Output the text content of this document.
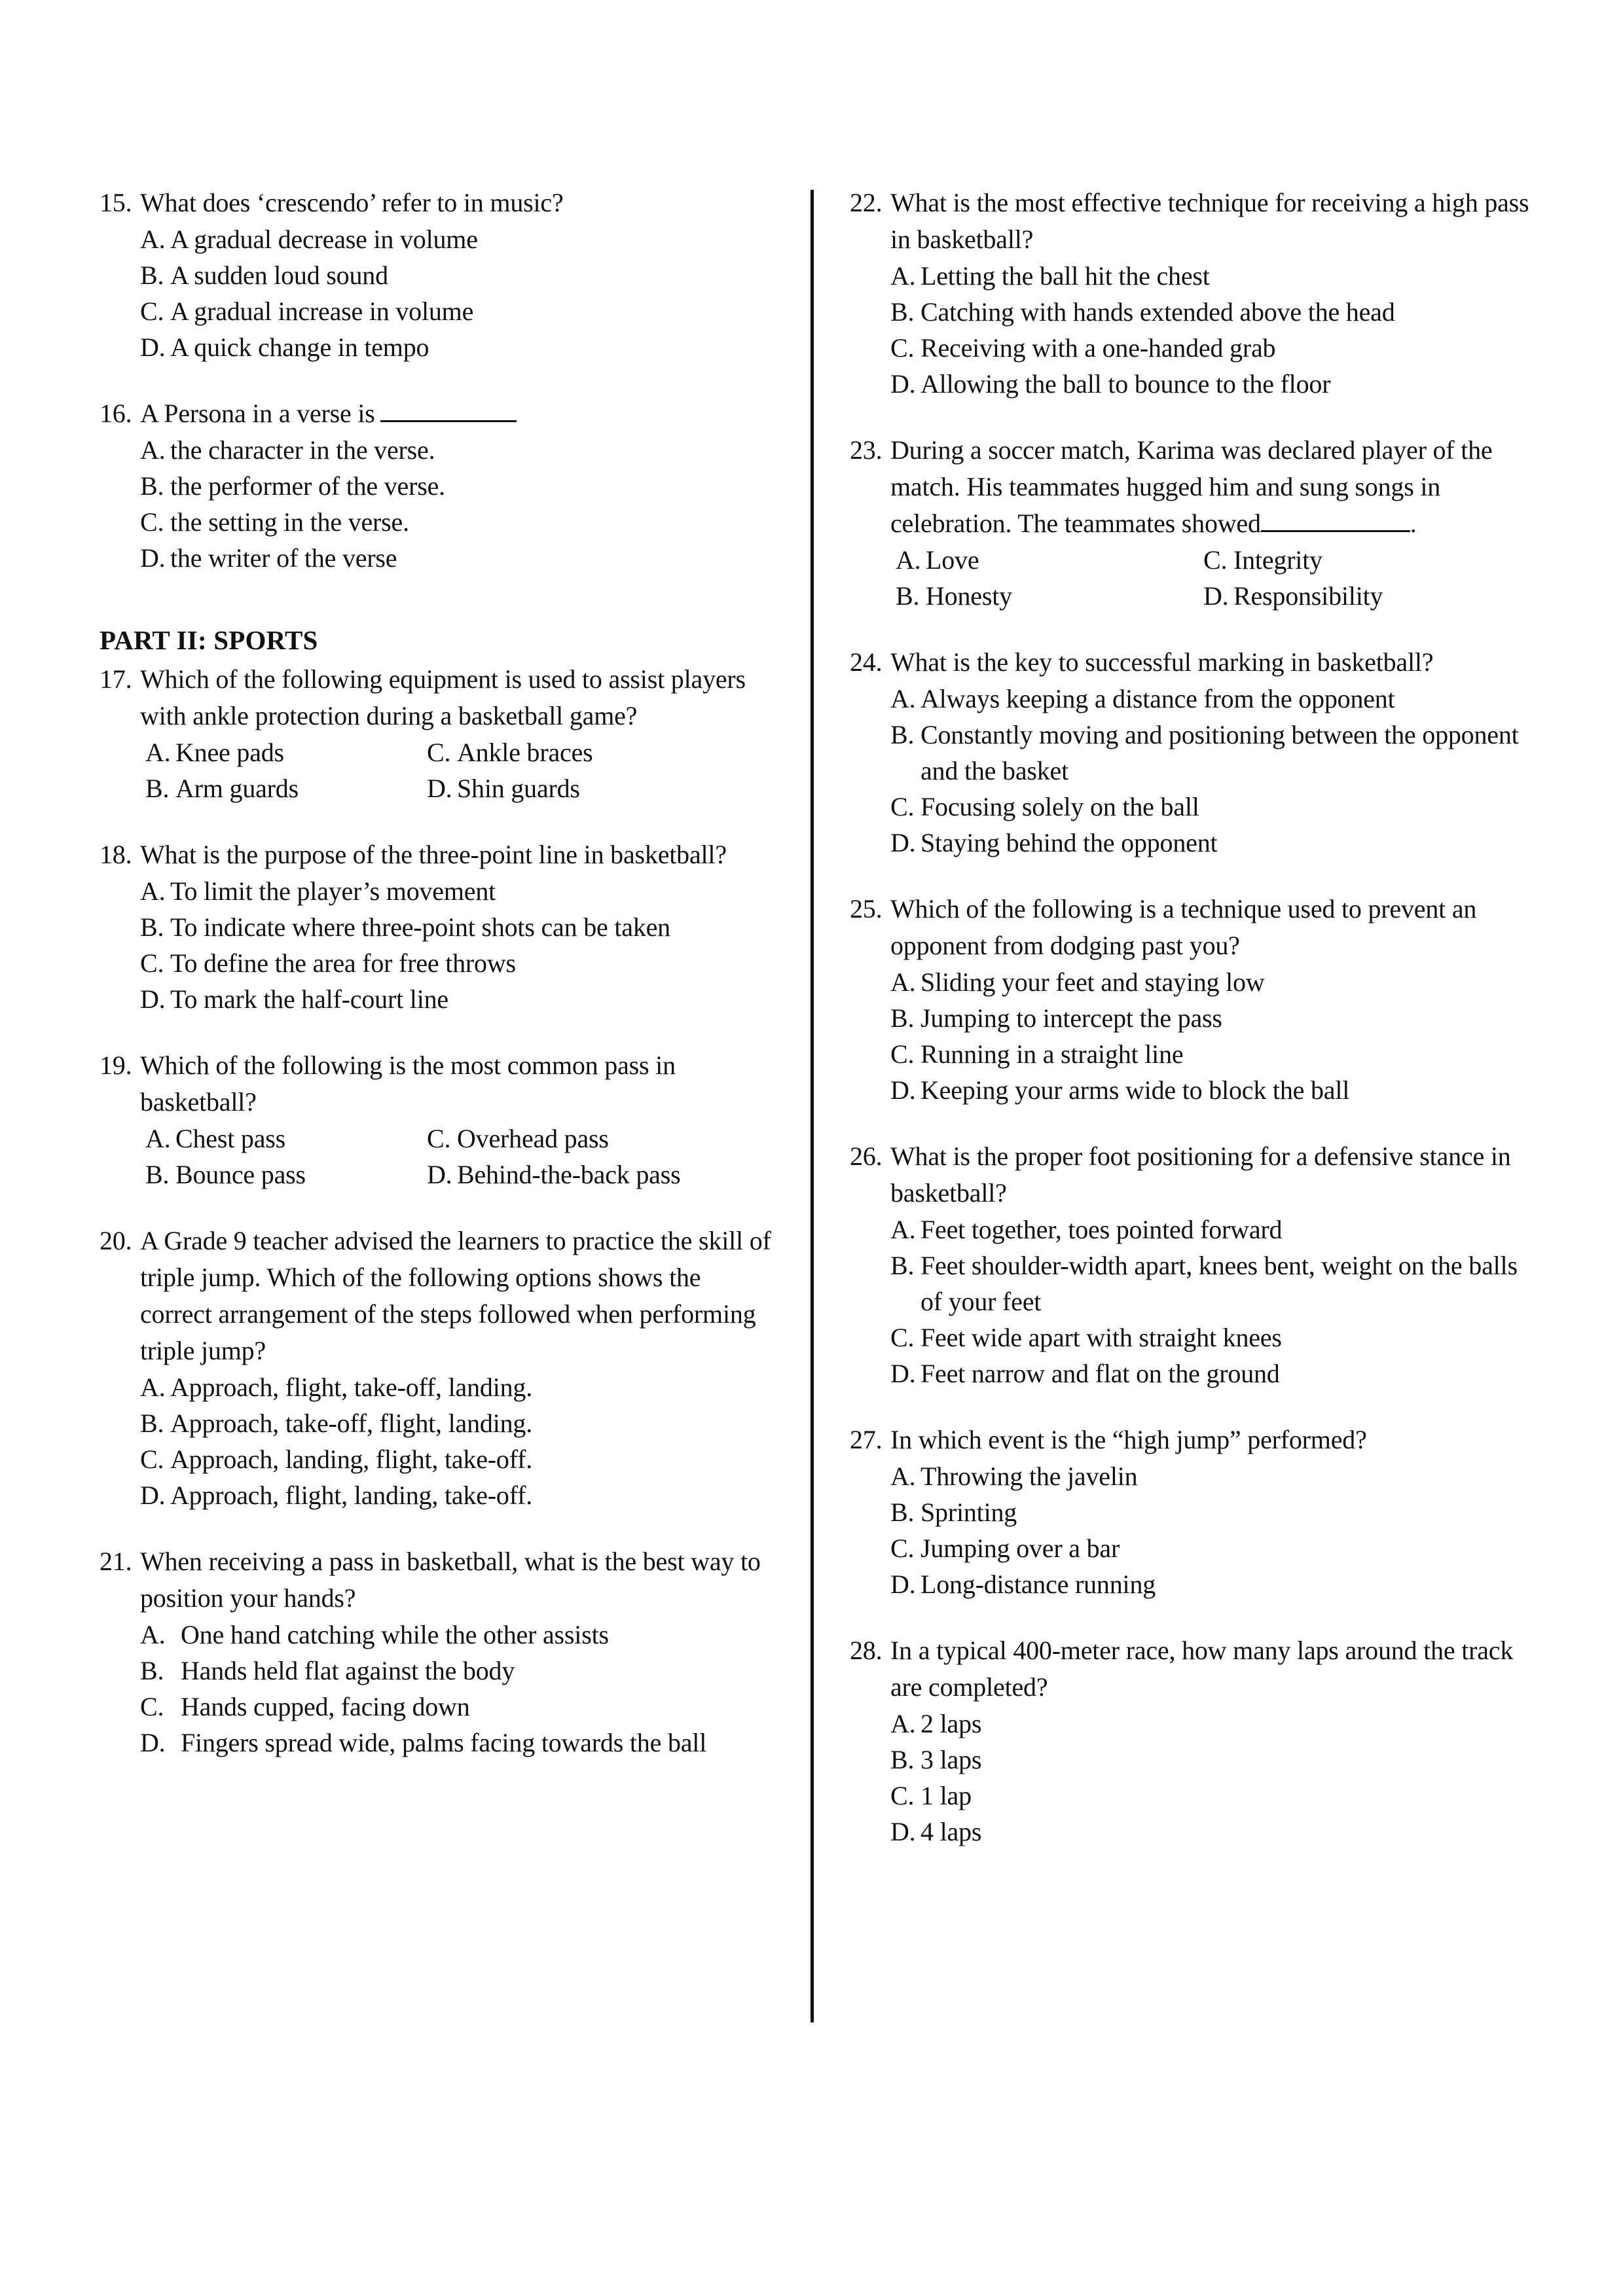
15. What does ‘crescendo’ refer to in music?
A. A gradual decrease in volume
B. A sudden loud sound
C. A gradual increase in volume
D. A quick change in tempo
16. A Persona in a verse is
A. the character in the verse.
B. the performer of the verse.
C. the setting in the verse.
D. the writer of the verse
PART II: SPORTS
17. Which of the following equipment is used to assist players with ankle protection during a basketball game?
A. Knee pads	C. Ankle braces
B. Arm guards	D. Shin guards
18. What is the purpose of the three-point line in basketball?
A. To limit the player’s movement
B. To indicate where three-point shots can be taken
C. To define the area for free throws
D. To mark the half-court line
19. Which of the following is the most common pass in basketball?
A. Chest pass	C. Overhead pass
B. Bounce pass	D. Behind-the-back pass
20. A Grade 9 teacher advised the learners to practice the skill of triple jump. Which of the following options shows the correct arrangement of the steps followed when performing triple jump?
A. Approach, flight, take-off, landing.
B. Approach, take-off, flight, landing.
C. Approach, landing, flight, take-off.
D. Approach, flight, landing, take-off.
21. When receiving a pass in basketball, what is the best way to position your hands?
A. One hand catching while the other assists
B. Hands held flat against the body
C. Hands cupped, facing down
D. Fingers spread wide, palms facing towards the ball
22. What is the most effective technique for receiving a high pass in basketball?
A. Letting the ball hit the chest
B. Catching with hands extended above the head
C. Receiving with a one-handed grab
D. Allowing the ball to bounce to the floor
23. During a soccer match, Karima was declared player of the match. His teammates hugged him and sung songs in celebration. The teammates showed	.
A. Love	C. Integrity
B. Honesty	D. Responsibility
24. What is the key to successful marking in basketball?
A. Always keeping a distance from the opponent
B. Constantly moving and positioning between the opponent and the basket
C. Focusing solely on the ball
D. Staying behind the opponent
25. Which of the following is a technique used to prevent an opponent from dodging past you?
A. Sliding your feet and staying low
B. Jumping to intercept the pass
C. Running in a straight line
D. Keeping your arms wide to block the ball
26. What is the proper foot positioning for a defensive stance in basketball?
A. Feet together, toes pointed forward
B. Feet shoulder-width apart, knees bent, weight on the balls of your feet
C. Feet wide apart with straight knees
D. Feet narrow and flat on the ground
27. In which event is the “high jump” performed?
A. Throwing the javelin
B. Sprinting
C. Jumping over a bar
D. Long-distance running
28. In a typical 400-meter race, how many laps around the track are completed?
A. 2 laps
B. 3 laps
C. 1 lap
D. 4 laps
